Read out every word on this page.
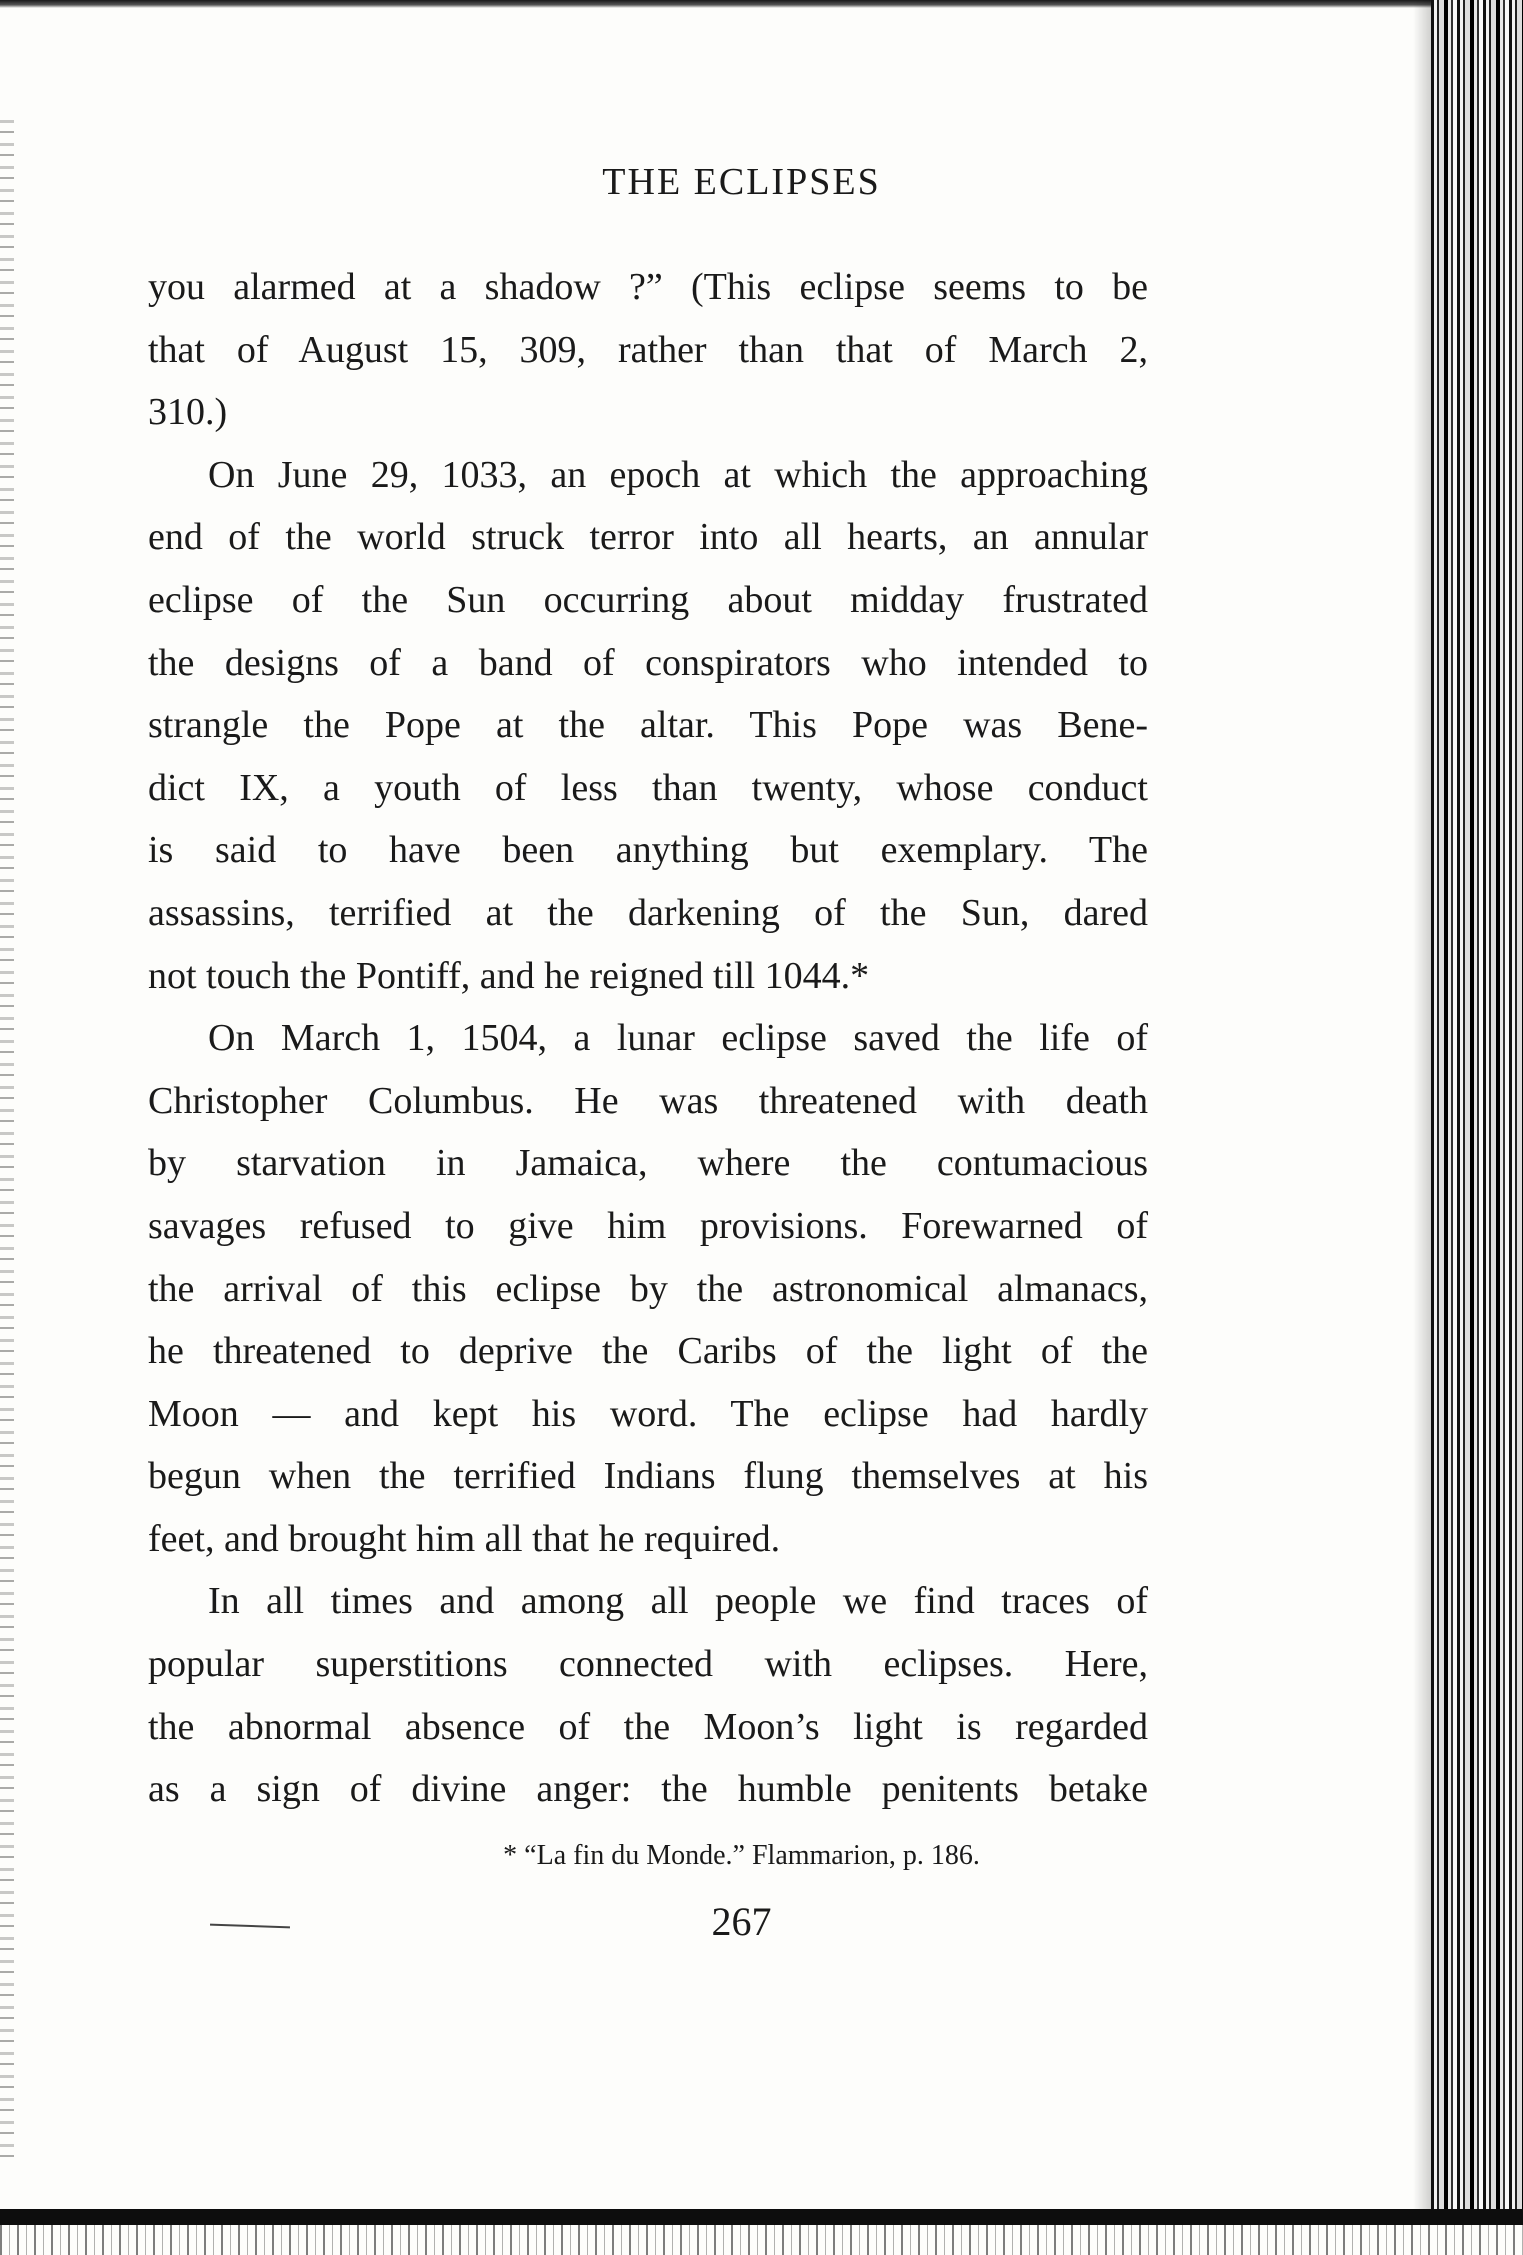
THE ECLIPSES
you alarmed at a shadow ?” (This eclipse seems to be
that of August 15, 309, rather than that of March 2,
310.)
On June 29, 1033, an epoch at which the approaching
end of the world struck terror into all hearts, an annular
eclipse of the Sun occurring about midday frustrated
the designs of a band of conspirators who intended to
strangle the Pope at the altar. This Pope was Bene-
dict IX, a youth of less than twenty, whose conduct
is said to have been anything but exemplary. The
assassins, terrified at the darkening of the Sun, dared
not touch the Pontiff, and he reigned till 1044.*
On March 1, 1504, a lunar eclipse saved the life of
Christopher Columbus. He was threatened with death
by starvation in Jamaica, where the contumacious
savages refused to give him provisions. Forewarned of
the arrival of this eclipse by the astronomical almanacs,
he threatened to deprive the Caribs of the light of the
Moon — and kept his word. The eclipse had hardly
begun when the terrified Indians flung themselves at his
feet, and brought him all that he required.
In all times and among all people we find traces of
popular superstitions connected with eclipses. Here,
the abnormal absence of the Moon’s light is regarded
as a sign of divine anger: the humble penitents betake
* “La fin du Monde.” Flammarion, p. 186.
267
